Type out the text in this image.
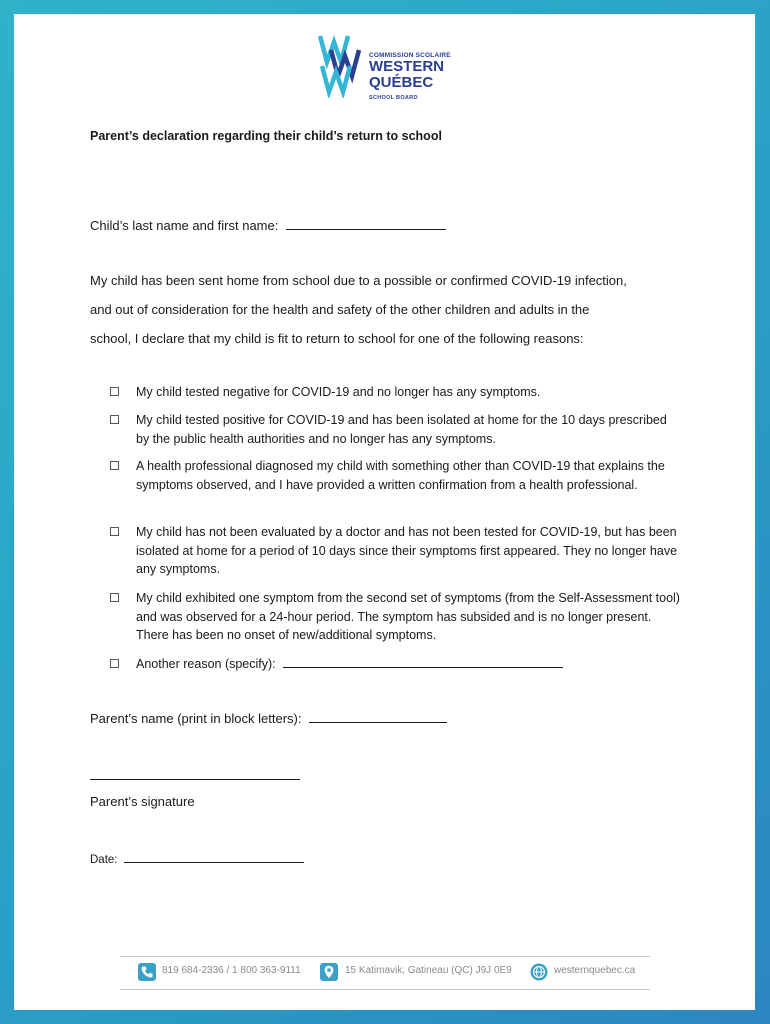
COMMISSION SCOLAIRE
WESTERN
QUÉBEC
SCHOOL BOARD
Parent’s declaration regarding their child’s return to school
Child’s last name and first name:
My child has been sent home from school due to a possible or confirmed COVID-19 infection,
and out of consideration for the health and safety of the other children and adults in the
school, I declare that my child is fit to return to school for one of the following reasons:
My child tested negative for COVID-19 and no longer has any symptoms.
My child tested positive for COVID-19 and has been isolated at home for the 10 days prescribed by the public health authorities and no longer has any symptoms.
A health professional diagnosed my child with something other than COVID-19 that explains the symptoms observed, and I have provided a written confirmation from a health professional.
My child has not been evaluated by a doctor and has not been tested for COVID-19, but has been isolated at home for a period of 10 days since their symptoms first appeared. They no longer have any symptoms.
My child exhibited one symptom from the second set of symptoms (from the Self-Assessment tool) and was observed for a 24-hour period. The symptom has subsided and is no longer present. There has been no onset of new/additional symptoms.
Another reason (specify):
Parent’s name (print in block letters):
Parent’s signature
Date:
819 684-2336 / 1 800 363-9111	15 Katimavik, Gatineau (QC) J9J 0E9	westernquebec.ca
